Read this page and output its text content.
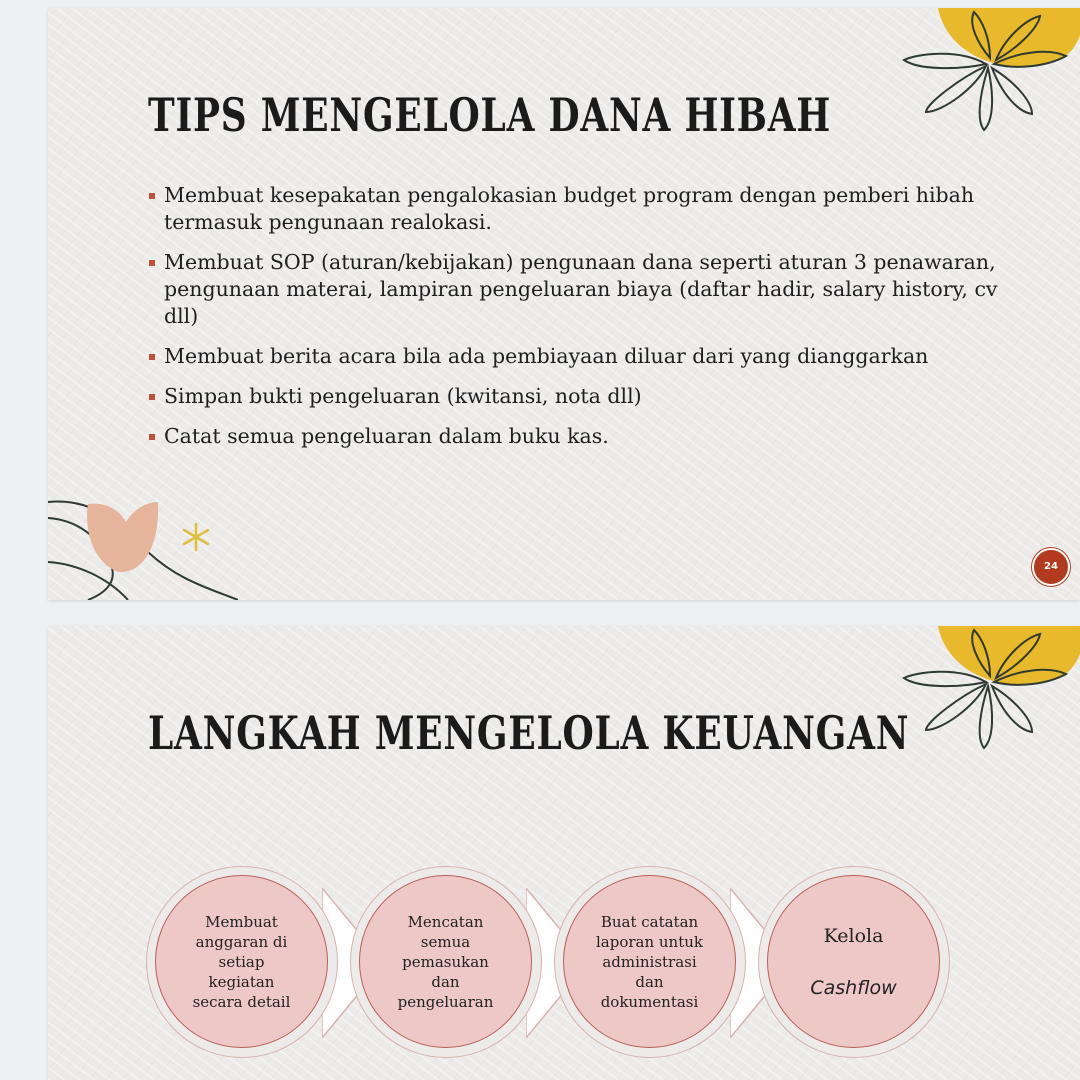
TIPS MENGELOLA DANA HIBAH
Membuat kesepakatan pengalokasian budget program dengan pemberi hibah termasuk pengunaan realokasi.
Membuat SOP (aturan/kebijakan) pengunaan dana seperti aturan 3 penawaran, pengunaan materai, lampiran pengeluaran biaya (daftar hadir, salary history, cv dll)
Membuat berita acara bila ada pembiayaan diluar dari yang dianggarkan
Simpan bukti pengeluaran (kwitansi, nota dll)
Catat semua pengeluaran dalam buku kas.
24
LANGKAH MENGELOLA KEUANGAN
Membuat
anggaran di
setiap
kegiatan
secara detail
Mencatan
semua
pemasukan
dan
pengeluaran
Buat catatan
laporan untuk
administrasi
dan
dokumentasi

Kelola

Cashflow
